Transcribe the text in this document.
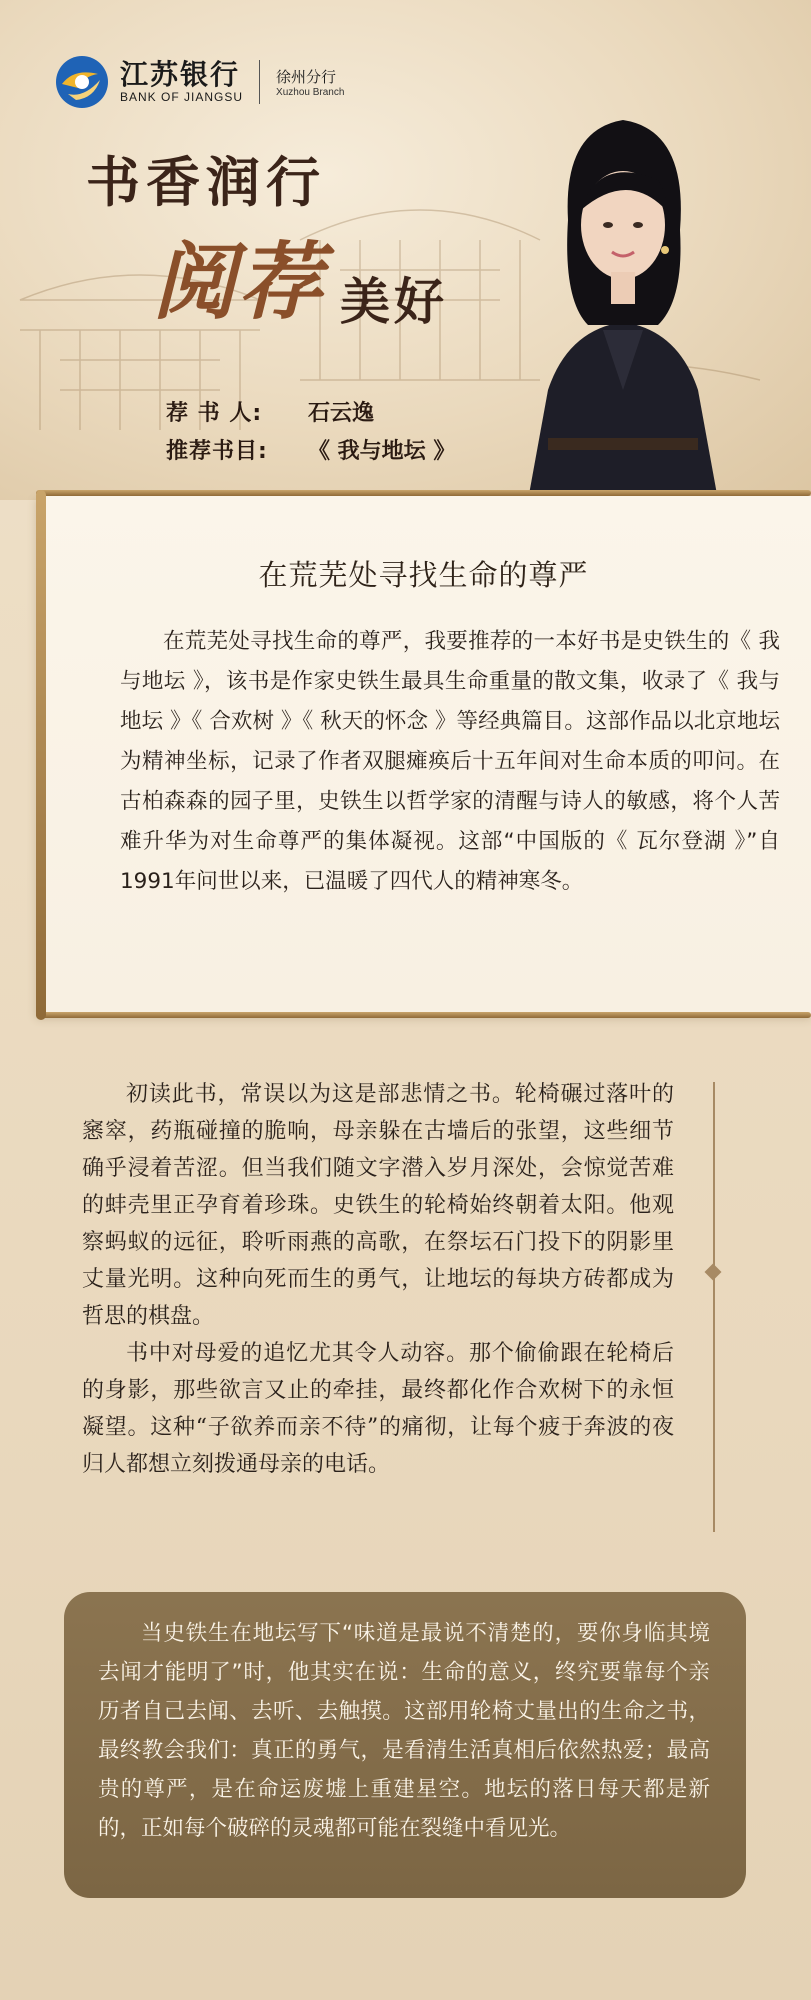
江苏银行
BANK OF JIANGSU
徐州分行
Xuzhou Branch
书香润行
阅荐 美好
荐 书 人: 石云逸
推荐书目: 《 我与地坛 》
在荒芜处寻找生命的尊严

在荒芜处寻找生命的尊严，我要推荐的一本好书是史铁生的《 我与地坛 》，该书是作家史铁生最具生命重量的散文集，收录了《 我与地坛 》《 合欢树 》《 秋天的怀念 》等经典篇目。这部作品以北京地坛为精神坐标，记录了作者双腿瘫痪后十五年间对生命本质的叩问。在古柏森森的园子里，史铁生以哲学家的清醒与诗人的敏感，将个人苦难升华为对生命尊严的集体凝视。这部“中国版的《 瓦尔登湖 》”自1991年问世以来，已温暖了四代人的精神寒冬。

初读此书，常误以为这是部悲情之书。轮椅碾过落叶的窸窣，药瓶碰撞的脆响，母亲躲在古墙后的张望，这些细节确乎浸着苦涩。但当我们随文字潜入岁月深处，会惊觉苦难的蚌壳里正孕育着珍珠。史铁生的轮椅始终朝着太阳。他观察蚂蚁的远征，聆听雨燕的高歌，在祭坛石门投下的阴影里丈量光明。这种向死而生的勇气，让地坛的每块方砖都成为哲思的棋盘。

书中对母爱的追忆尤其令人动容。那个偷偷跟在轮椅后的身影，那些欲言又止的牵挂，最终都化作合欢树下的永恒凝望。这种“子欲养而亲不待”的痛彻，让每个疲于奔波的夜归人都想立刻拨通母亲的电话。

当史铁生在地坛写下“味道是最说不清楚的，要你身临其境去闻才能明了”时，他其实在说：生命的意义，终究要靠每个亲历者自己去闻、去听、去触摸。这部用轮椅丈量出的生命之书，最终教会我们：真正的勇气，是看清生活真相后依然热爱；最高贵的尊严，是在命运废墟上重建星空。地坛的落日每天都是新的，正如每个破碎的灵魂都可能在裂缝中看见光。
